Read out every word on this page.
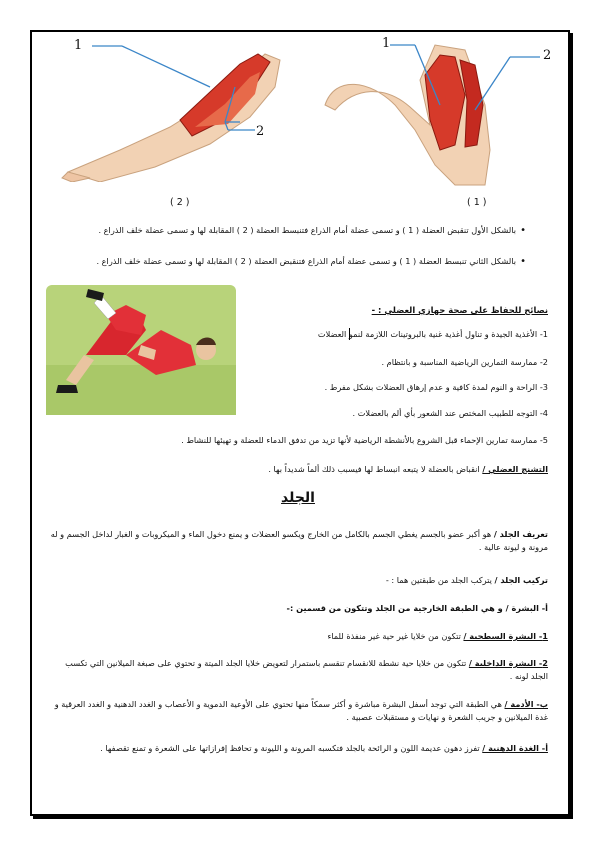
1
2
1
2
( 2 )	( 1 )
• بالشكل الأول تنقبض العضلة ( 1 ) و تسمى عضلة أمام الذراع فتنبسط العضلة ( 2 ) المقابلة لها و تسمى عضلة خلف الذراع .
• بالشكل الثاني تنبسط العضلة ( 1 ) و تسمى عضلة أمام الذراع فتنقبض العضلة ( 2 ) المقابلة لها و تسمى عضلة خلف الذراع .
نصائح للحفاظ على صحة جهازي العضلي : -
1- الأغذية الجيدة و تناول أغذية غنية بالبروتينات اللازمة لنمو العضلات
2- ممارسة التمارين الرياضية المناسبة و بانتظام .
3- الراحة و النوم لمدة كافية و عدم إرهاق العضلات بشكل مفرط .
4- التوجه للطبيب المختص عند الشعور بأي ألم بالعضلات .
5- ممارسة تمارين الإحماء قبل الشروع بالأنشطة الرياضية لأنها تزيد من تدفق الدماء للعضلة و تهيئها للنشاط .
التشنج العضلي / انقباض بالعضلة لا يتبعه انبساط لها فيسبب ذلك ألماً شديداً بها .
الجلد
تعريف الجلد / هو أكبر عضو بالجسم يغطي الجسم بالكامل من الخارج ويكسو العضلات و يمنع دخول الماء و الميكروبات و الغبار لداخل الجسم و له مرونة و ليونة عالية .
تركيب الجلد / يتركب الجلد من طبقتين هما : -
أ- البشرة / و هي الطبقة الخارجية من الجلد وتتكون من قسمين :-
1- البشرة السطحية / تتكون من خلايا غير حية غير منفذة للماء
2- البشرة الداخلية / تتكون من خلايا حية نشطة للانقسام تنقسم باستمرار لتعويض خلايا الجلد الميتة و تحتوي على صبغة الميلانين التي تكسب الجلد لونه .
ب- الأدمة / هي الطبقة التي توجد أسفل البشرة مباشرة و أكثر سمكاً منها تحتوي على الأوعية الدموية و الأعصاب و الغدد الدهنية و الغدد العرقية و غدة الميلانين و جريب الشعرة و نهايات و مستقبلات عصبية .
أ- الغدة الدهنية / تفرز دهون عديمة اللون و الرائحة بالجلد فتكسبه المرونة و الليونة و تحافظ إفرازاتها على الشعرة و تمنع تقصفها .
